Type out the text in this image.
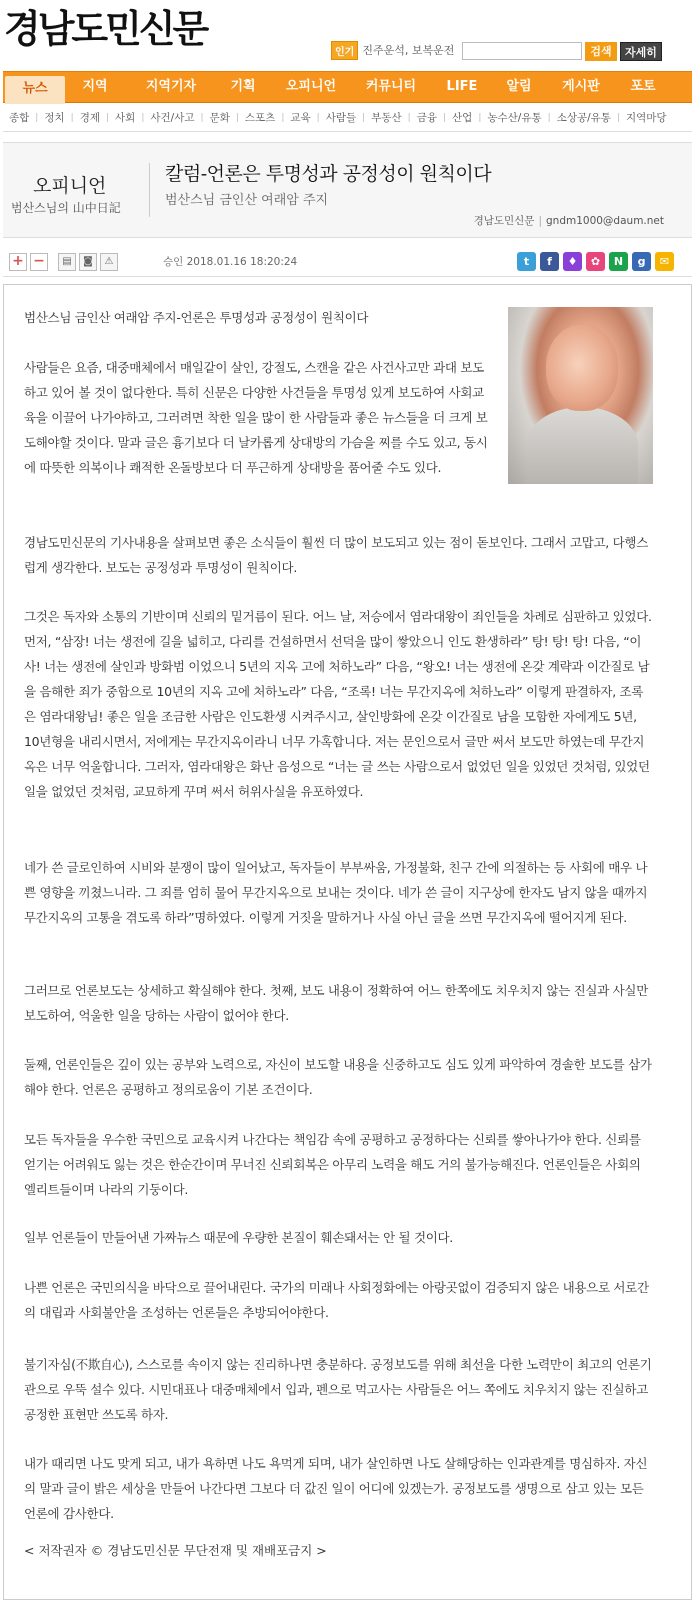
경남도민신문
인기 진주운석, 보복운전	검색	자세히
뉴스	지역	지역기자	기획	오피니언	커뮤니티	LIFE	알림	게시판	포토
종합 | 정치 | 경제 | 사회 | 사건/사고 | 문화 | 스포츠 | 교육 | 사람들 | 부동산 | 금융 | 산업 | 농수산/유통 | 소상공/유통 | 지역마당
오피니언
범산스님의 山中日記
칼럼-언론은 투명성과 공정성이 원칙이다
범산스님 금인산 여래암 주지
경남도민신문 | gndm1000@daum.net
+ −	▤	◙	⚠	승인 2018.01.16 18:20:24	t	f	♦	✿	N	g	✉
범산스님 금인산 여래암 주지-언론은 투명성과 공정성이 원칙이다
사람들은 요즘, 대중매체에서 매일같이 살인, 강절도, 스캔을 같은 사건사고만 과대 보도하고 있어 볼 것이 없다한다. 특히 신문은 다양한 사건들을 투명성 있게 보도하여 사회교육을 이끌어 나가야하고, 그러려면 착한 일을 많이 한 사람들과 좋은 뉴스들을 더 크게 보도해야할 것이다. 말과 글은 흉기보다 더 날카롭게 상대방의 가슴을 찌를 수도 있고, 동시에 따뜻한 의복이나 쾌적한 온돌방보다 더 푸근하게 상대방을 품어줄 수도 있다.
경남도민신문의 기사내용을 살펴보면 좋은 소식들이 훨씬 더 많이 보도되고 있는 점이 돋보인다. 그래서 고맙고, 다행스럽게 생각한다. 보도는 공정성과 투명성이 원칙이다.
그것은 독자와 소통의 기반이며 신뢰의 밑거름이 된다. 어느 날, 저승에서 염라대왕이 죄인들을 차례로 심판하고 있었다. 먼저, “삼장! 너는 생전에 길을 넓히고, 다리를 건설하면서 선덕을 많이 쌓았으니 인도 환생하라” 탕! 탕! 탕! 다음, “이사! 너는 생전에 살인과 방화범 이었으니 5년의 지옥 고에 처하노라” 다음, “왕오! 너는 생전에 온갖 계략과 이간질로 남을 음해한 죄가 중함으로 10년의 지옥 고에 처하노라” 다음, “조록! 너는 무간지옥에 처하노라” 이렇게 판결하자, 조록은 염라대왕님! 좋은 일을 조금한 사람은 인도환생 시켜주시고, 살인방화에 온갖 이간질로 남을 모함한 자에게도 5년, 10년형을 내리시면서, 저에게는 무간지옥이라니 너무 가혹합니다. 저는 문인으로서 글만 써서 보도만 하였는데 무간지옥은 너무 억울합니다. 그러자, 염라대왕은 화난 음성으로 “너는 글 쓰는 사람으로서 없었던 일을 있었던 것처럼, 있었던 일을 없었던 것처럼, 교묘하게 꾸며 써서 허위사실을 유포하였다.
네가 쓴 글로인하여 시비와 분쟁이 많이 일어났고, 독자들이 부부싸움, 가정불화, 친구 간에 의절하는 등 사회에 매우 나쁜 영향을 끼쳤느니라. 그 죄를 엄히 물어 무간지옥으로 보내는 것이다. 네가 쓴 글이 지구상에 한자도 남지 않을 때까지 무간지옥의 고통을 겪도록 하라”명하였다. 이렇게 거짓을 말하거나 사실 아닌 글을 쓰면 무간지옥에 떨어지게 된다.
그러므로 언론보도는 상세하고 확실해야 한다. 첫째, 보도 내용이 정확하여 어느 한쪽에도 치우치지 않는 진실과 사실만 보도하여, 억울한 일을 당하는 사람이 없어야 한다.
둘째, 언론인들은 깊이 있는 공부와 노력으로, 자신이 보도할 내용을 신중하고도 심도 있게 파악하여 경솔한 보도를 삼가 해야 한다. 언론은 공평하고 정의로움이 기본 조건이다.
모든 독자들을 우수한 국민으로 교육시켜 나간다는 책임감 속에 공평하고 공정하다는 신뢰를 쌓아나가야 한다. 신뢰를 얻기는 어려워도 잃는 것은 한순간이며 무너진 신뢰회복은 아무리 노력을 해도 거의 불가능해진다. 언론인들은 사회의 엘리트들이며 나라의 기둥이다.
일부 언론들이 만들어낸 가짜뉴스 때문에 우량한 본질이 훼손돼서는 안 될 것이다.
나쁜 언론은 국민의식을 바닥으로 끌어내린다. 국가의 미래나 사회정화에는 아랑곳없이 검증되지 않은 내용으로 서로간의 대립과 사회불안을 조성하는 언론들은 추방되어야한다.
불기자심(不欺自心), 스스로를 속이지 않는 진리하나면 충분하다. 공정보도를 위해 최선을 다한 노력만이 최고의 언론기관으로 우뚝 설수 있다. 시민대표나 대중매체에서 입과, 펜으로 먹고사는 사람들은 어느 쪽에도 치우치지 않는 진실하고 공정한 표현만 쓰도록 하자.
내가 때리면 나도 맞게 되고, 내가 욕하면 나도 욕먹게 되며, 내가 살인하면 나도 살해당하는 인과관계를 명심하자. 자신의 말과 글이 밝은 세상을 만들어 나간다면 그보다 더 값진 일이 어디에 있겠는가. 공정보도를 생명으로 삼고 있는 모든 언론에 감사한다.
< 저작권자 © 경남도민신문 무단전재 및 재배포금지 >
